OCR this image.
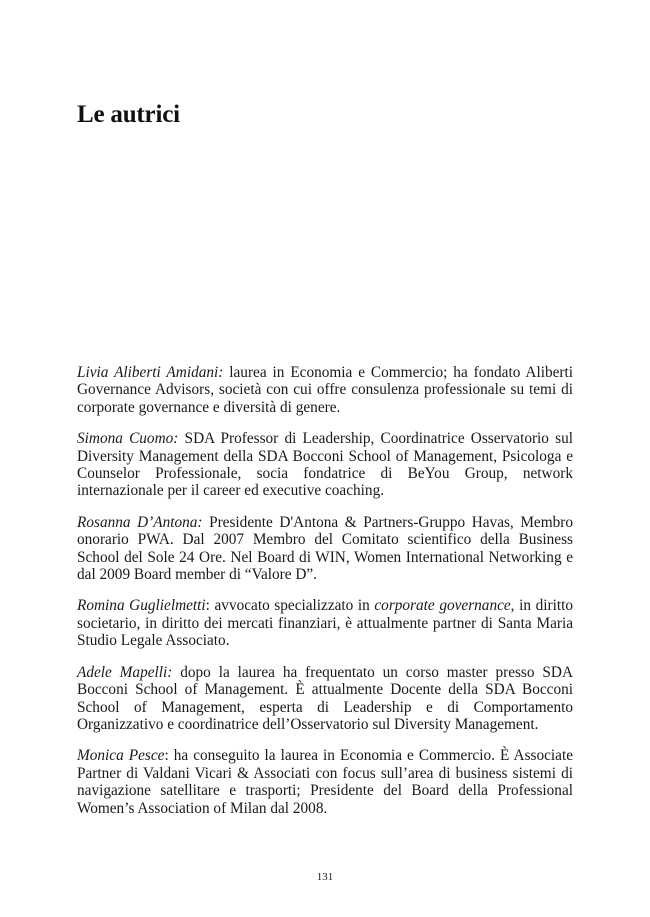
Le autrici

Livia Aliberti Amidani: laurea in Economia e Commercio; ha fondato Aliberti Governance Advisors, società con cui offre consulenza professionale su temi di corporate governance e diversità di genere.

Simona Cuomo: SDA Professor di Leadership, Coordinatrice Osservatorio sul Diversity Management della SDA Bocconi School of Management, Psicologa e Counselor Professionale, socia fondatrice di BeYou Group, network internazionale per il career ed executive coaching.

Rosanna D’Antona: Presidente D'Antona & Partners-Gruppo Havas, Membro onorario PWA. Dal 2007 Membro del Comitato scientifico della Business School del Sole 24 Ore. Nel Board di WIN, Women International Networking e dal 2009 Board member di “Valore D”.

Romina Guglielmetti: avvocato specializzato in corporate governance, in diritto societario, in diritto dei mercati finanziari, è attualmente partner di Santa Maria Studio Legale Associato.

Adele Mapelli: dopo la laurea ha frequentato un corso master presso SDA Bocconi School of Management. È attualmente Docente della SDA Bocconi School of Management, esperta di Leadership e di Comportamento Organizzativo e coordinatrice dell’Osservatorio sul Diversity Management.

Monica Pesce: ha conseguito la laurea in Economia e Commercio. È Associate Partner di Valdani Vicari & Associati con focus sull’area di business sistemi di navigazione satellitare e trasporti; Presidente del Board della Professional Women’s Association of Milan dal 2008.

131
